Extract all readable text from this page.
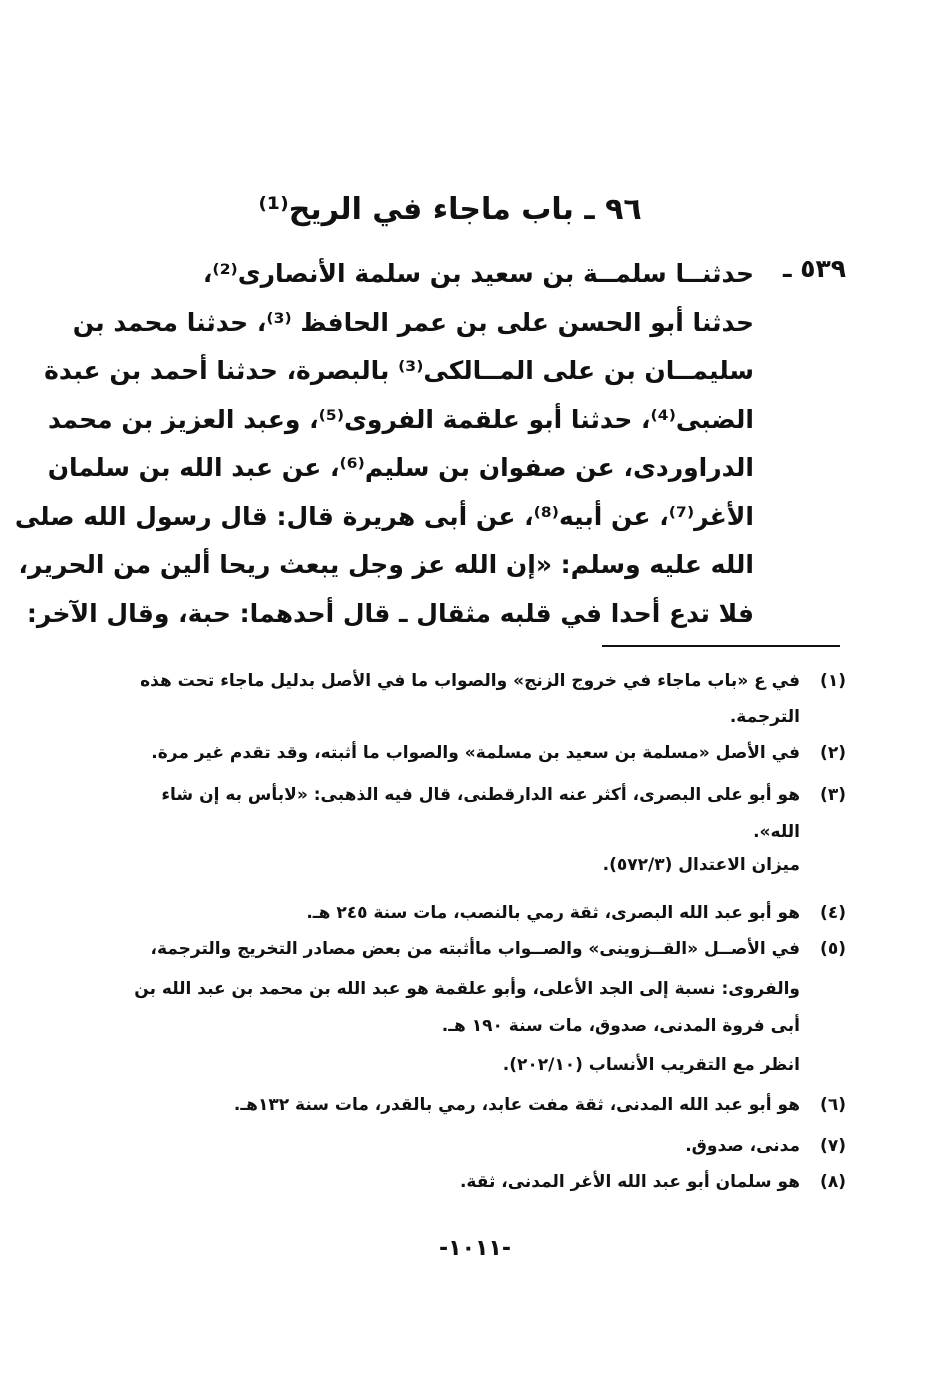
٩٦ ـ باب ماجاء في الريح⁽¹⁾
٥٣٩ ـ
حدثنــا سلمــة بن سعيد بن سلمة الأنصارى⁽²⁾،
حدثنا أبو الحسن على بن عمر الحافظ ⁽³⁾، حدثنا محمد بن
سليمــان بن على المــالكى⁽³⁾ بالبصرة، حدثنا أحمد بن عبدة
الضبى⁽⁴⁾، حدثنا أبو علقمة الفروى⁽⁵⁾، وعبد العزيز بن محمد
الدراوردى، عن صفوان بن سليم⁽⁶⁾، عن عبد الله بن سلمان
الأغر⁽⁷⁾، عن أبيه⁽⁸⁾، عن أبى هريرة قال: قال رسول الله صلى
الله عليه وسلم: «إن الله عز وجل يبعث ريحا ألين من الحرير،
فلا تدع أحدا في قلبه مثقال ـ قال أحدهما: حبة، وقال الآخر:
(١)في ع «باب ماجاء في خروج الزنج» والصواب ما في الأصل بدليل ماجاء تحت هذه
الترجمة.
(٢)في الأصل «مسلمة بن سعيد بن مسلمة» والصواب ما أثبته، وقد تقدم غير مرة.
(٣)هو أبو على البصرى، أكثر عنه الدارقطنى، قال فيه الذهبى: «لابأس به إن شاء
الله».
ميزان الاعتدال (٥٧٢/٣).
(٤)هو أبو عبد الله البصرى، ثقة رمي بالنصب، مات سنة ٢٤٥ هـ.
(٥)في الأصــل «القــزوينى» والصــواب ماأثبته من بعض مصادر التخريج والترجمة،
والفروى: نسبة إلى الجد الأعلى، وأبو علقمة هو عبد الله بن محمد بن عبد الله بن
أبى فروة المدنى، صدوق، مات سنة ١٩٠ هـ.
انظر مع التقريب الأنساب (٢٠٢/١٠).
(٦)هو أبو عبد الله المدنى، ثقة مفت عابد، رمي بالقدر، مات سنة ١٣٢هـ.
(٧)مدنى، صدوق.
(٨)هو سلمان أبو عبد الله الأغر المدنى، ثقة.
-١٠١١-
